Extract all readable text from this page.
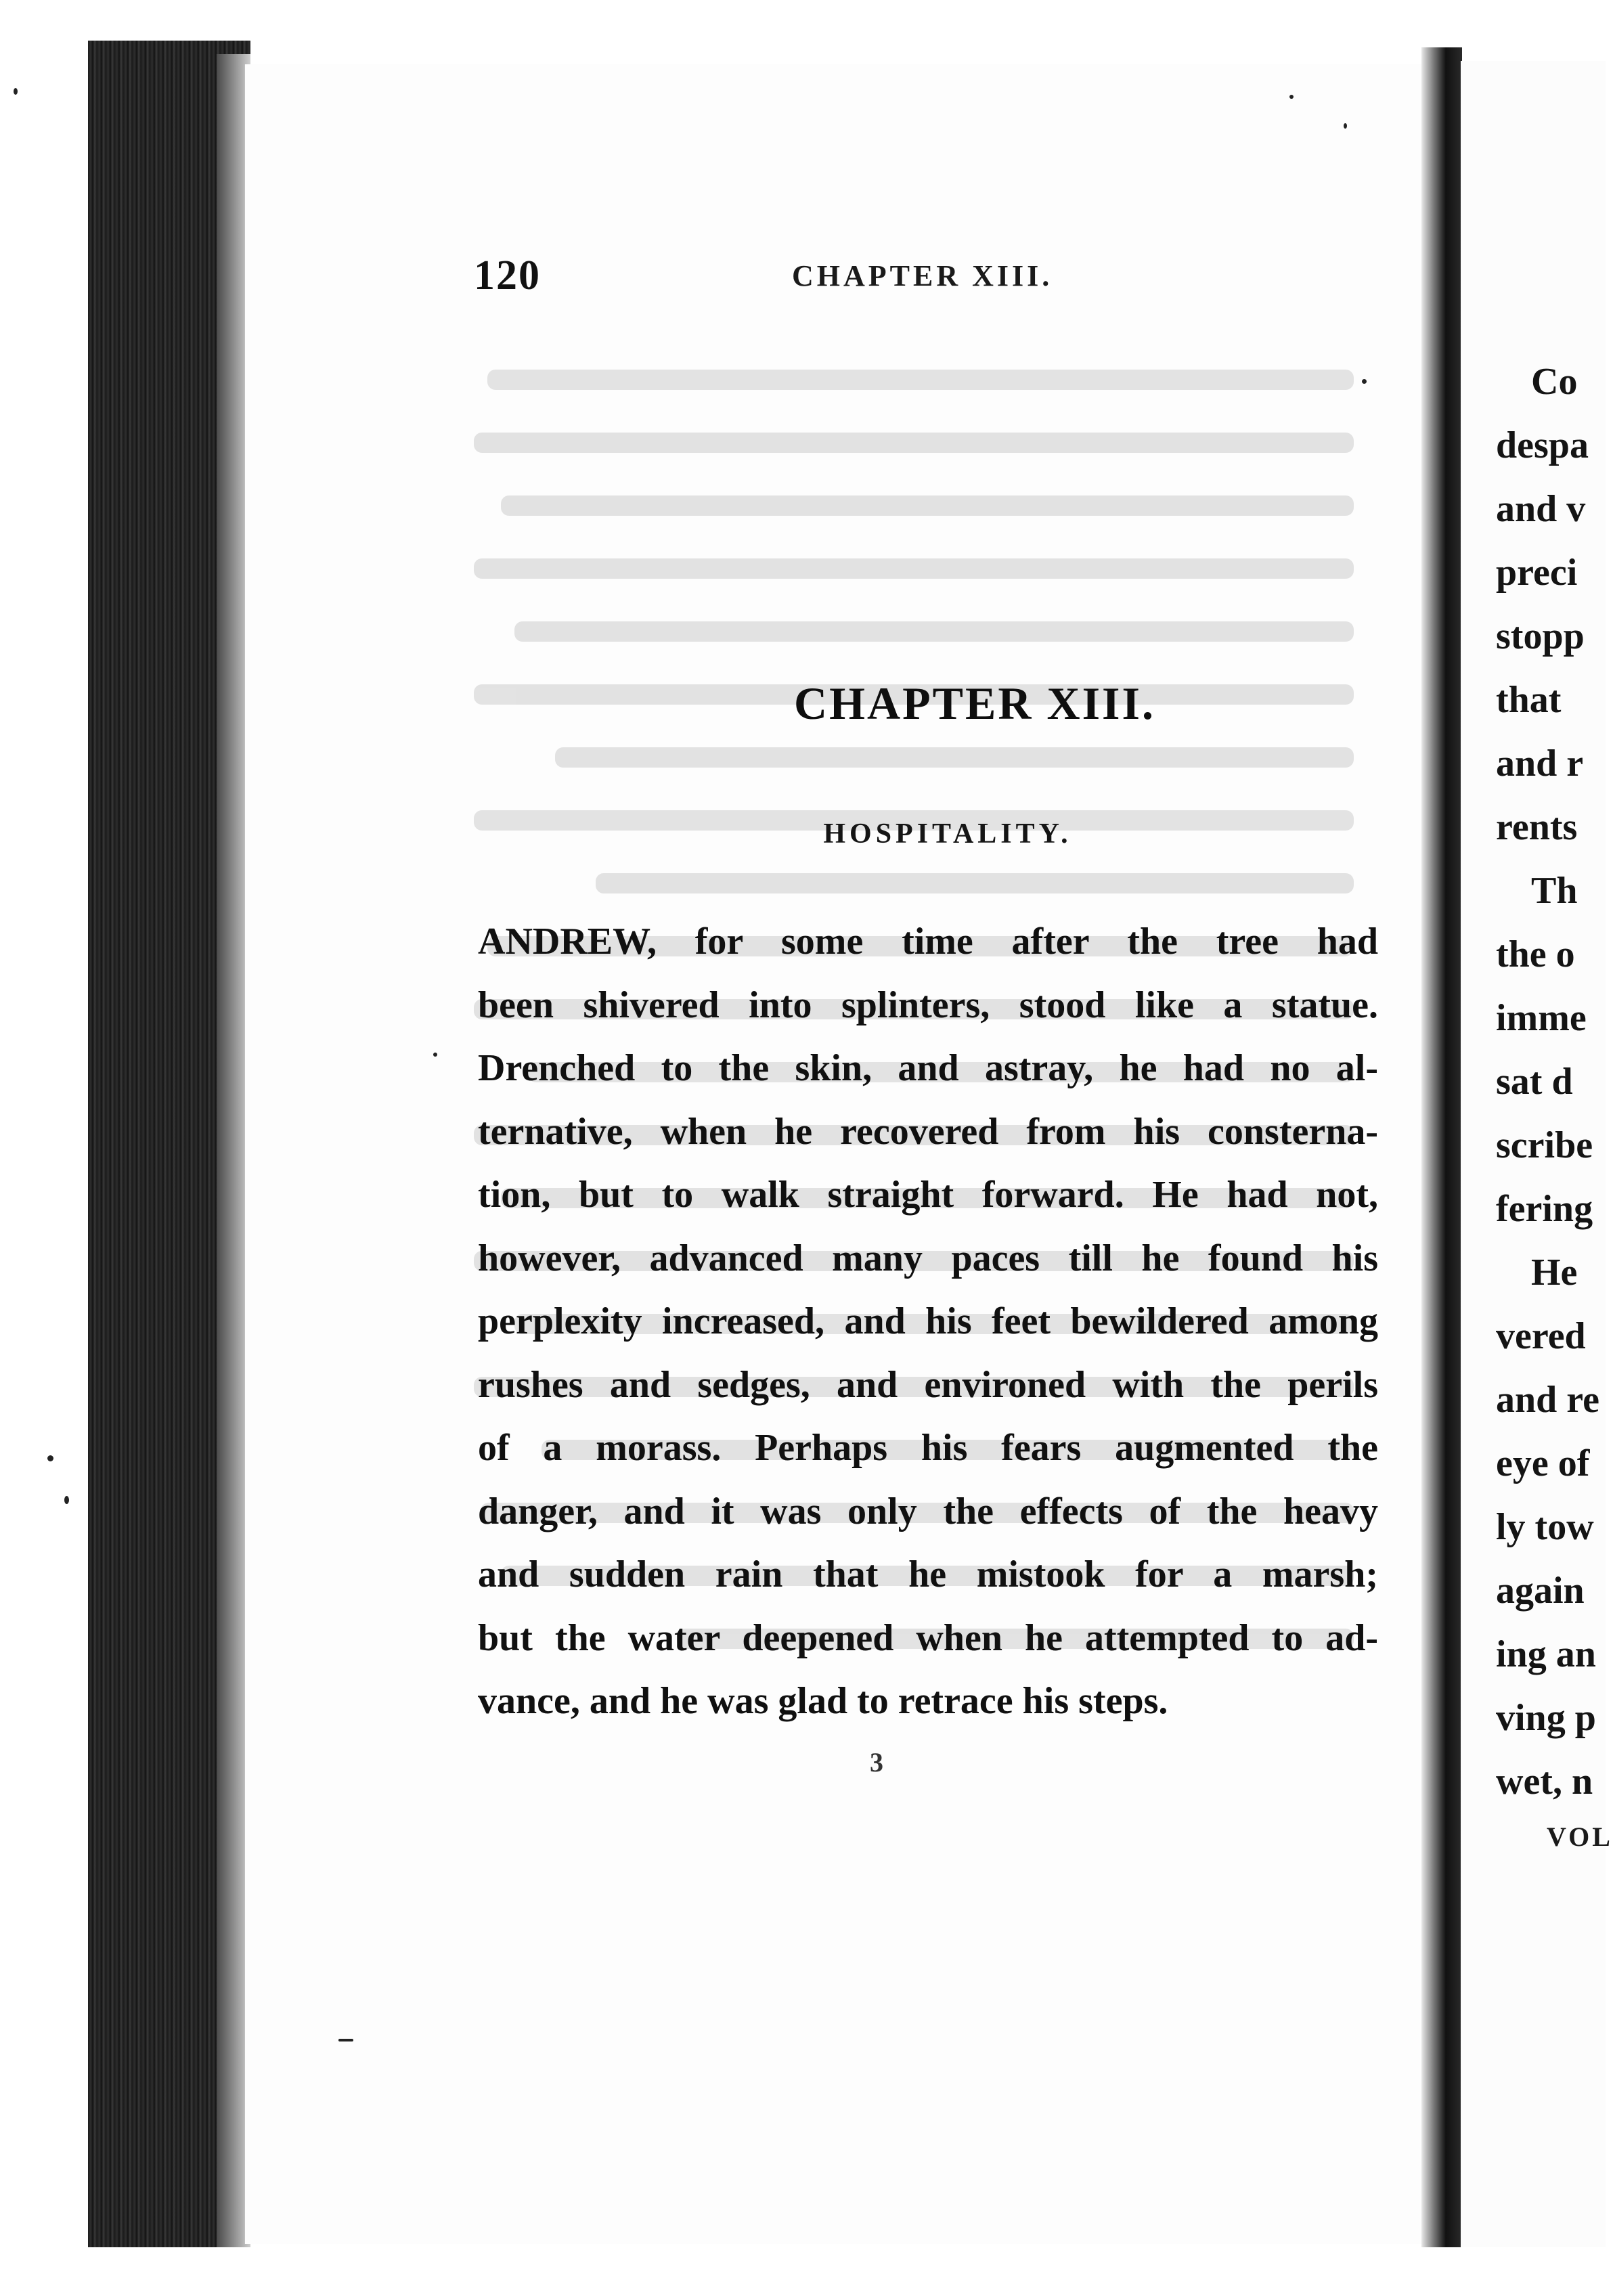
120	CHAPTER XIII.
CHAPTER XIII.
HOSPITALITY.
ANDREW, for some time after the tree had
been shivered into splinters, stood like a statue.
Drenched to the skin, and astray, he had no al-
ternative, when he recovered from his consterna-
tion, but to walk straight forward. He had not,
however, advanced many paces till he found his
perplexity increased, and his feet bewildered among
rushes and sedges, and environed with the perils
of a morass. Perhaps his fears augmented the
danger, and it was only the effects of the heavy
and sudden rain that he mistook for a marsh;
but the water deepened when he attempted to ad-
vance, and he was glad to retrace his steps.
3
Co
despa
and v
preci
stopp
that
and r
rents
Th
the o
imme
sat d
scribe
fering
He
vered
and re
eye of
ly tow
again
ing an
ving p
wet, n
VOL
